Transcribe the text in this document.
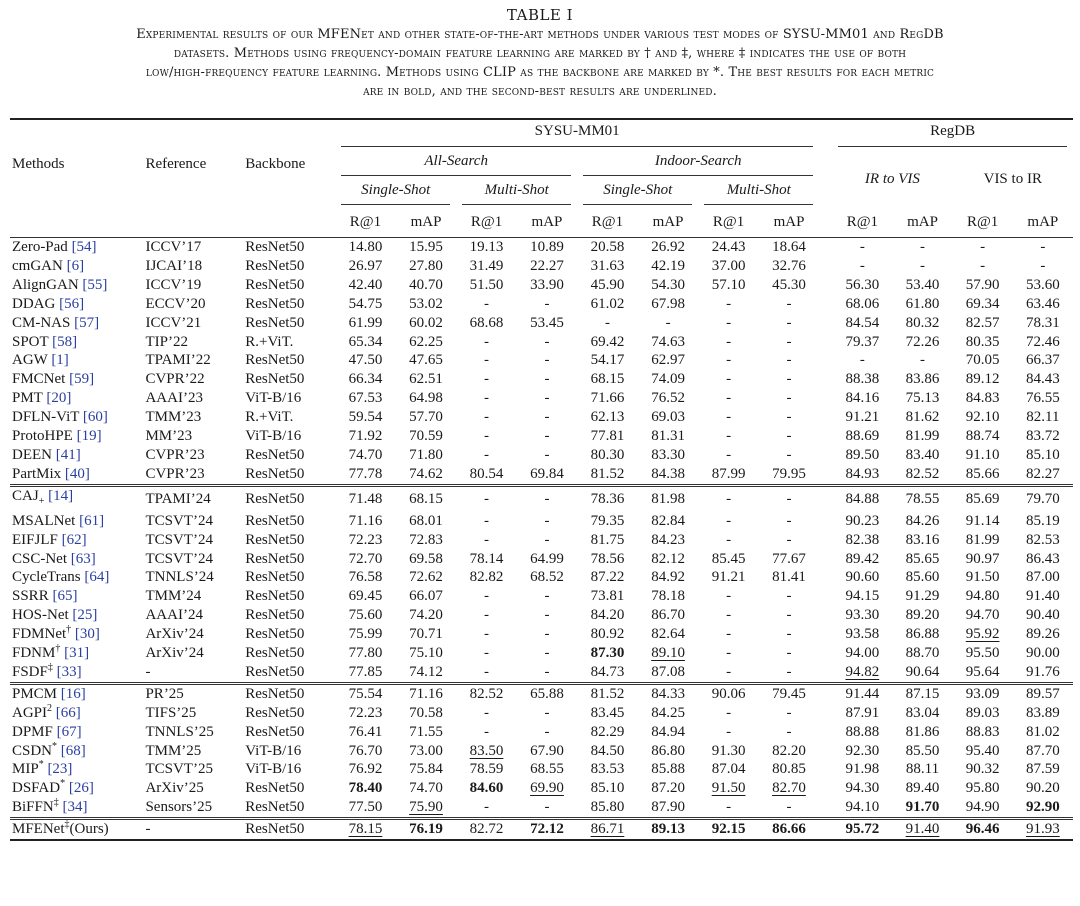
TABLE I
Experimental results of our MFENet and other state-of-the-art methods under various test modes of SYSU-MM01 and RegDB
datasets. Methods using frequency-domain feature learning are marked by † and ‡, where ‡ indicates the use of both
low/high-frequency feature learning. Methods using CLIP as the backbone are marked by *. The best results for each metric
are in bold, and the second-best results are underlined.
Methods	Reference	Backbone	SYSU-MM01									RegDB			

			All-Search				Indoor-Search					IR to VIS		VIS to IR	

			Single-Shot		Multi-Shot		Single-Shot		Multi-Shot						

			R@1	mAP	R@1	mAP	R@1	mAP	R@1	mAP		R@1	mAP	R@1	mAP
Zero-Pad [54]	ICCV’17	ResNet50	14.80	15.95	19.13	10.89	20.58	26.92	24.43	18.64		-	-	-	-
cmGAN [6]	IJCAI’18	ResNet50	26.97	27.80	31.49	22.27	31.63	42.19	37.00	32.76		-	-	-	-
AlignGAN [55]	ICCV’19	ResNet50	42.40	40.70	51.50	33.90	45.90	54.30	57.10	45.30		56.30	53.40	57.90	53.60
DDAG [56]	ECCV’20	ResNet50	54.75	53.02	-	-	61.02	67.98	-	-		68.06	61.80	69.34	63.46
CM-NAS [57]	ICCV’21	ResNet50	61.99	60.02	68.68	53.45	-	-	-	-		84.54	80.32	82.57	78.31
SPOT [58]	TIP’22	R.+ViT.	65.34	62.25	-	-	69.42	74.63	-	-		79.37	72.26	80.35	72.46
AGW [1]	TPAMI’22	ResNet50	47.50	47.65	-	-	54.17	62.97	-	-		-	-	70.05	66.37
FMCNet [59]	CVPR’22	ResNet50	66.34	62.51	-	-	68.15	74.09	-	-		88.38	83.86	89.12	84.43
PMT [20]	AAAI’23	ViT-B/16	67.53	64.98	-	-	71.66	76.52	-	-		84.16	75.13	84.83	76.55
DFLN-ViT [60]	TMM’23	R.+ViT.	59.54	57.70	-	-	62.13	69.03	-	-		91.21	81.62	92.10	82.11
ProtoHPE [19]	MM’23	ViT-B/16	71.92	70.59	-	-	77.81	81.31	-	-		88.69	81.99	88.74	83.72
DEEN [41]	CVPR’23	ResNet50	74.70	71.80	-	-	80.30	83.30	-	-		89.50	83.40	91.10	85.10
PartMix [40]	CVPR’23	ResNet50	77.78	74.62	80.54	69.84	81.52	84.38	87.99	79.95		84.93	82.52	85.66	82.27
$CAJ_+$ [14]	TPAMI’24	ResNet50	71.48	68.15	-	-	78.36	81.98	-	-		84.88	78.55	85.69	79.70
MSALNet [61]	TCSVT’24	ResNet50	71.16	68.01	-	-	79.35	82.84	-	-		90.23	84.26	91.14	85.19
EIFJLF [62]	TCSVT’24	ResNet50	72.23	72.83	-	-	81.75	84.23	-	-		82.38	83.16	81.99	82.53
CSC-Net [63]	TCSVT’24	ResNet50	72.70	69.58	78.14	64.99	78.56	82.12	85.45	77.67		89.42	85.65	90.97	86.43
CycleTrans [64]	TNNLS’24	ResNet50	76.58	72.62	82.82	68.52	87.22	84.92	91.21	81.41		90.60	85.60	91.50	87.00
SSRR [65]	TMM’24	ResNet50	69.45	66.07	-	-	73.81	78.18	-	-		94.15	91.29	94.80	91.40
HOS-Net [25]	AAAI’24	ResNet50	75.60	74.20	-	-	84.20	86.70	-	-		93.30	89.20	94.70	90.40
FDMNet† [30]	ArXiv’24	ResNet50	75.99	70.71	-	-	80.92	82.64	-	-		93.58	86.88	95.92	89.26
FDNM† [31]	ArXiv’24	ResNet50	77.80	75.10	-	-	87.30	89.10	-	-		94.00	88.70	95.50	90.00
FSDF‡ [33]	-	ResNet50	77.85	74.12	-	-	84.73	87.08	-	-		94.82	90.64	95.64	91.76
PMCM [16]	PR’25	ResNet50	75.54	71.16	82.52	65.88	81.52	84.33	90.06	79.45		91.44	87.15	93.09	89.57
AGPI$^2$ [66]	TIFS’25	ResNet50	72.23	70.58	-	-	83.45	84.25	-	-		87.91	83.04	89.03	83.89
DPMF [67]	TNNLS’25	ResNet50	76.41	71.55	-	-	82.29	84.94	-	-		88.88	81.86	88.83	81.02
CSDN* [68]	TMM’25	ViT-B/16	76.70	73.00	83.50	67.90	84.50	86.80	91.30	82.20		92.30	85.50	95.40	87.70
MIP* [23]	TCSVT’25	ViT-B/16	76.92	75.84	78.59	68.55	83.53	85.88	87.04	80.85		91.98	88.11	90.32	87.59
DSFAD* [26]	ArXiv’25	ResNet50	78.40	74.70	84.60	69.90	85.10	87.20	91.50	82.70		94.30	89.40	95.80	90.20
BiFFN‡ [34]	Sensors’25	ResNet50	77.50	75.90	-	-	85.80	87.90	-	-		94.10	91.70	94.90	92.90
MFENet‡(Ours)	-	ResNet50	78.15	76.19	82.72	72.12	86.71	89.13	92.15	86.66		95.72	91.40	96.46	91.93
